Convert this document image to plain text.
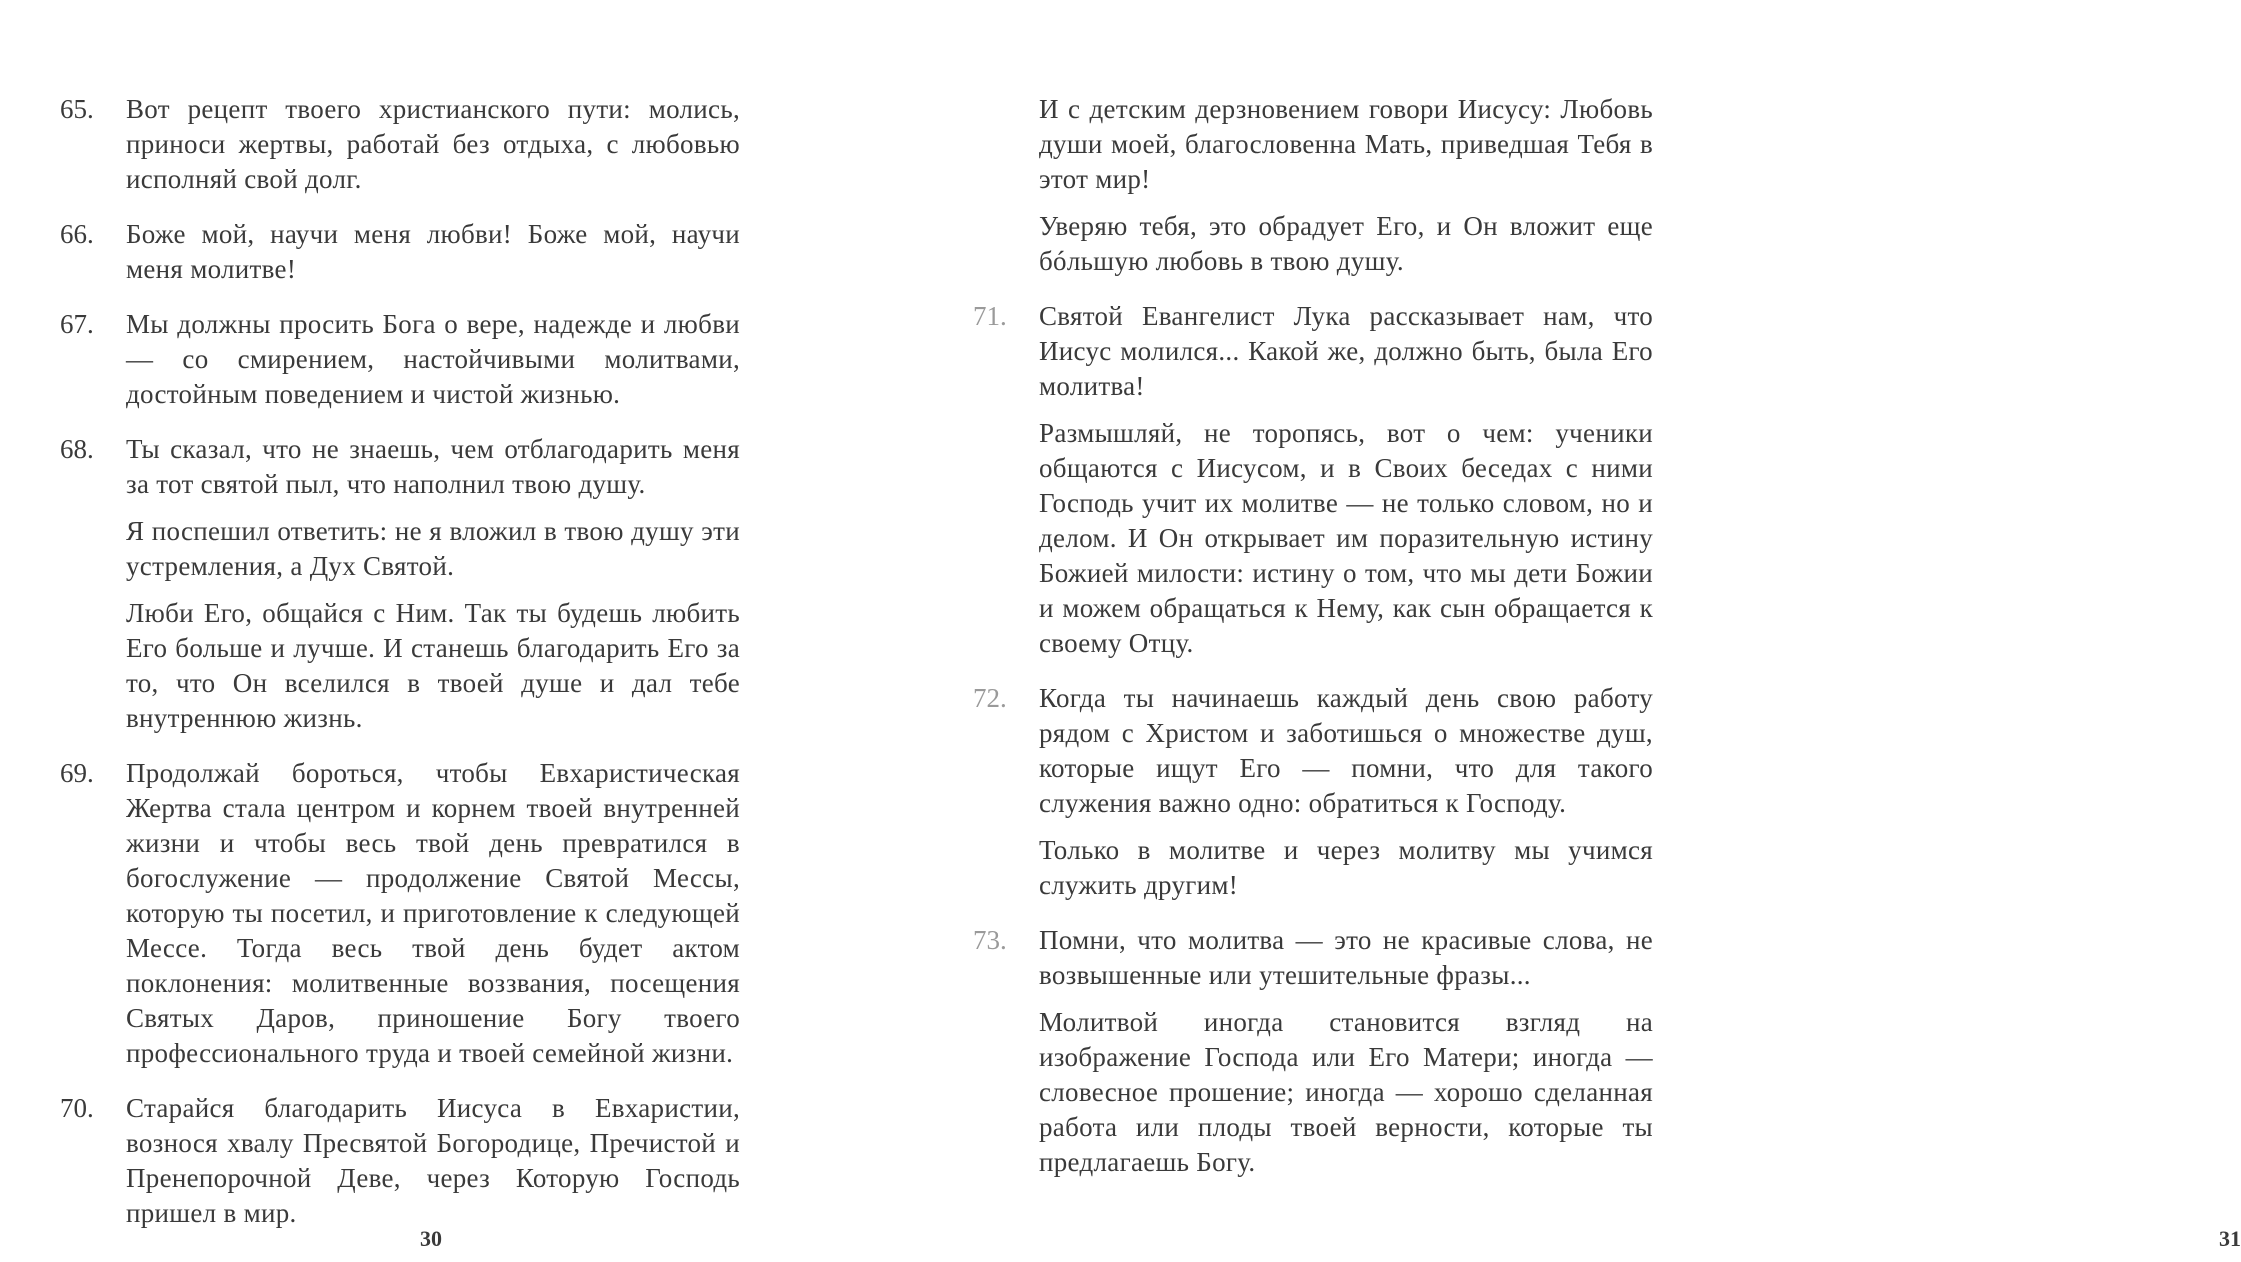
65. Вот рецепт твоего христианского пути: молись, приноси жертвы, работай без отдыха, с любовью исполняй свой долг.

66. Боже мой, научи меня любви! Боже мой, научи меня молитве!

67. Мы должны просить Бога о вере, надежде и любви — со смирением, настойчивыми молитвами, достойным поведением и чистой жизнью.

68. Ты сказал, что не знаешь, чем отблагодарить меня за тот святой пыл, что наполнил твою душу.

Я поспешил ответить: не я вложил в твою душу эти устремления, а Дух Святой.

Люби Его, общайся с Ним. Так ты будешь любить Его больше и лучше. И станешь благодарить Его за то, что Он вселился в твоей душе и дал тебе внутреннюю жизнь.

69. Продолжай бороться, чтобы Евхаристическая Жертва стала центром и корнем твоей внутренней жизни и чтобы весь твой день превратился в богослужение — продолжение Святой Мессы, которую ты посетил, и приготовление к следующей Мессе. Тогда весь твой день будет актом поклонения: молитвенные воззвания, посещения Святых Даров, приношение Богу твоего профессионального труда и твоей семейной жизни.

70. Старайся благодарить Иисуса в Евхаристии, вознося хвалу Пресвятой Богородице, Пречистой и Пренепорочной Деве, через Которую Господь пришел в мир.

30

И с детским дерзновением говори Иисусу: Любовь души моей, благословенна Мать, приведшая Тебя в этот мир!

Уверяю тебя, это обрадует Его, и Он вложит еще бóльшую любовь в твою душу.

71. Святой Евангелист Лука рассказывает нам, что Иисус молился... Какой же, должно быть, была Его молитва!

Размышляй, не торопясь, вот о чем: ученики общаются с Иисусом, и в Своих беседах с ними Господь учит их молитве — не только словом, но и делом. И Он открывает им поразительную истину Божией милости: истину о том, что мы дети Божии и можем обращаться к Нему, как сын обращается к своему Отцу.

72. Когда ты начинаешь каждый день свою работу рядом с Христом и заботишься о множестве душ, которые ищут Его — помни, что для такого служения важно одно: обратиться к Господу.

Только в молитве и через молитву мы учимся служить другим!

73. Помни, что молитва — это не красивые слова, не возвышенные или утешительные фразы...

Молитвой иногда становится взгляд на изображение Господа или Его Матери; иногда — словесное прошение; иногда — хорошо сделанная работа или плоды твоей верности, которые ты предлагаешь Богу.

31
